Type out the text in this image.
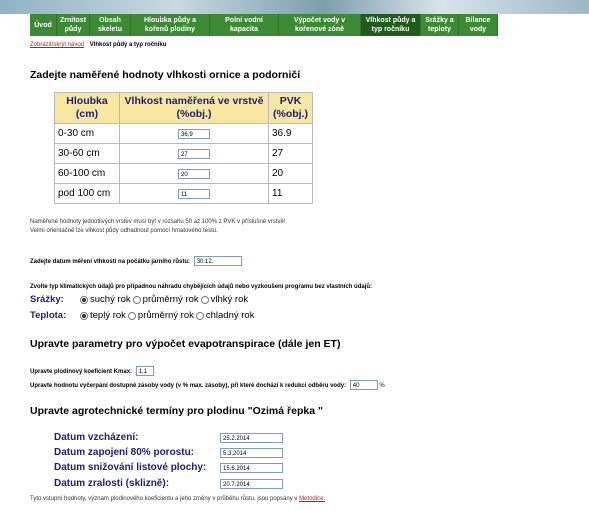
Úvod
Zrnitost půdy
Obsah skeletu
Hloubka půdy a kořenů plodiny
Polní vodní kapacita
Výpočet vody v kořenové zóně
Vlhkost půdy a typ ročníku
Srážky a teploty
Bilance vody
Zobrazit/skrýt návod Vlhkost půdy a typ ročníku
Zadejte naměřené hodnoty vlhkosti ornice a podorničí
Hloubka (cm)	Vlhkost naměřená ve vrstvě (%obj.)	PVK (%obj.)
0-30 cm	36,9	36.9
30-60 cm	27	27
60-100 cm	20	20
pod 100 cm	11	11
Naměřené hodnoty jednotlivých vrstev musí být v rozsahu 50 až 100% z PVK v příslušné vrstvě!
Velmi orientačně lze vlhkost půdy odhadnout pomocí hmatového testu.
Zadejte datum měření vlhkosti na počátku jarního růstu: 30.12.
Zvolte typ klimatických údajů pro případnou náhradu chybějících údajů nebo vyzkoušení programu bez vlastních údajů:
Srážky:	suchý rok průměrný rok vlhký rok
Teplota:	teplý rok průměrný rok chladný rok
Upravte parametry pro výpočet evapotranspirace (dále jen ET)
Upravte plodinový koeficient Kmax: 1,1
Upravte hodnotu vyčerpání dostupné zásoby vody (v % max. zásoby), při které dochází k redukci odběru vody: 40	%
Upravte agrotechnické termíny pro plodinu "Ozimá řepka "
Datum vzcházení:	25.2.2014
Datum zapojení 80% porostu:	5.3.2014
Datum snižování listové plochy:	15.6.2014
Datum zralosti (sklizně):	20.7.2014
Tyto vstupní hodnoty, význam plodinového koeficientu a jeho změny v průběhu růstu, jsou popsány v Metodice.
